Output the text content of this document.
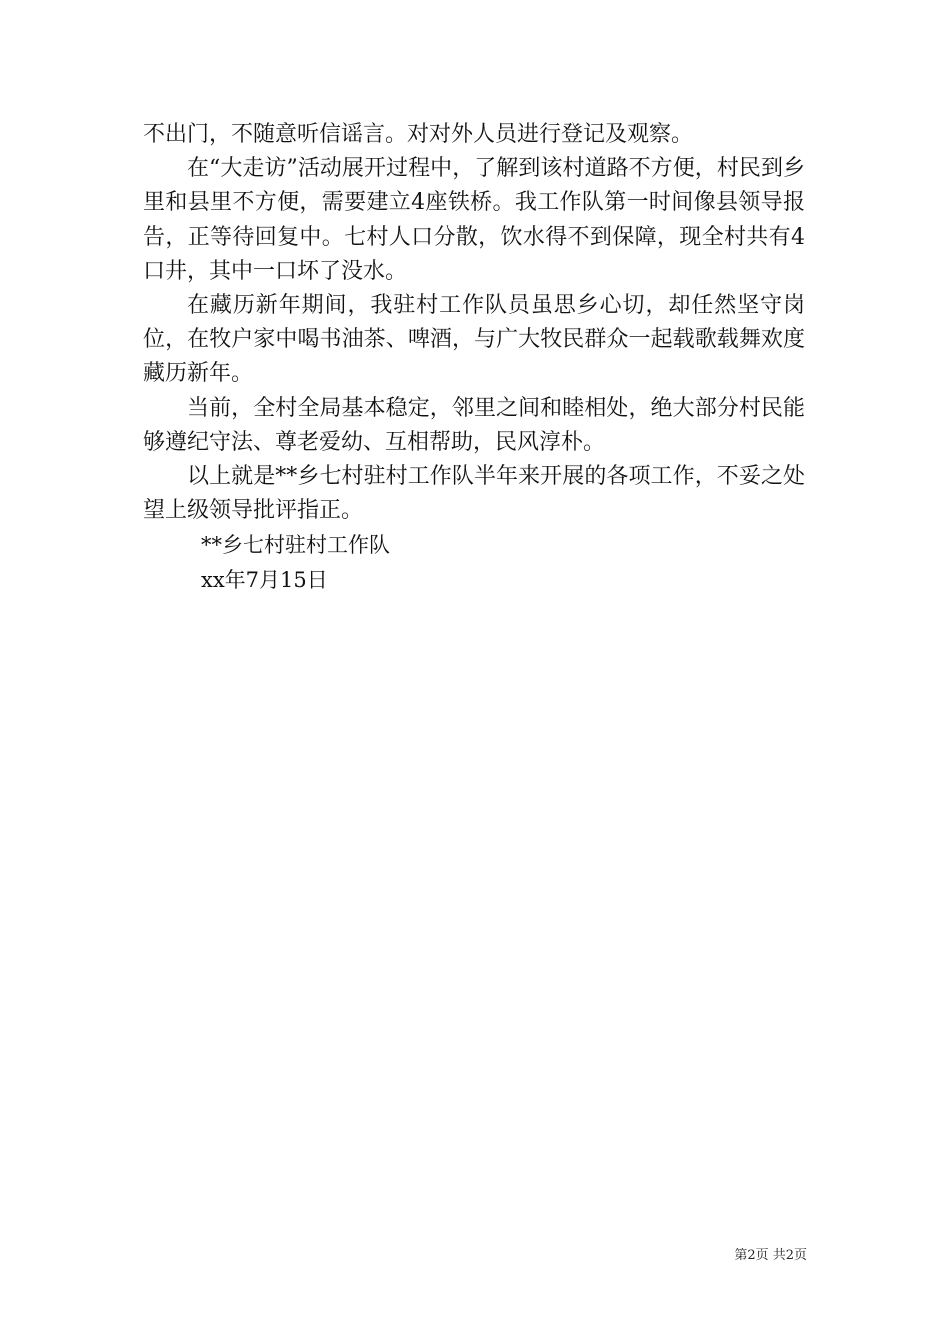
不出门，不随意听信谣言。对对外人员进行登记及观察。

在“大走访”活动展开过程中，了解到该村道路不方便，村民到乡里和县里不方便，需要建立4座铁桥。我工作队第一时间像县领导报告，正等待回复中。七村人口分散，饮水得不到保障，现全村共有4口井，其中一口坏了没水。

在藏历新年期间，我驻村工作队员虽思乡心切，却任然坚守岗位，在牧户家中喝书油茶、啤酒，与广大牧民群众一起载歌载舞欢度藏历新年。

当前，全村全局基本稳定，邻里之间和睦相处，绝大部分村民能够遵纪守法、尊老爱幼、互相帮助，民风淳朴。

以上就是**乡七村驻村工作队半年来开展的各项工作，不妥之处望上级领导批评指正。

**乡七村驻村工作队

xx年7月15日

第2页 共2页
